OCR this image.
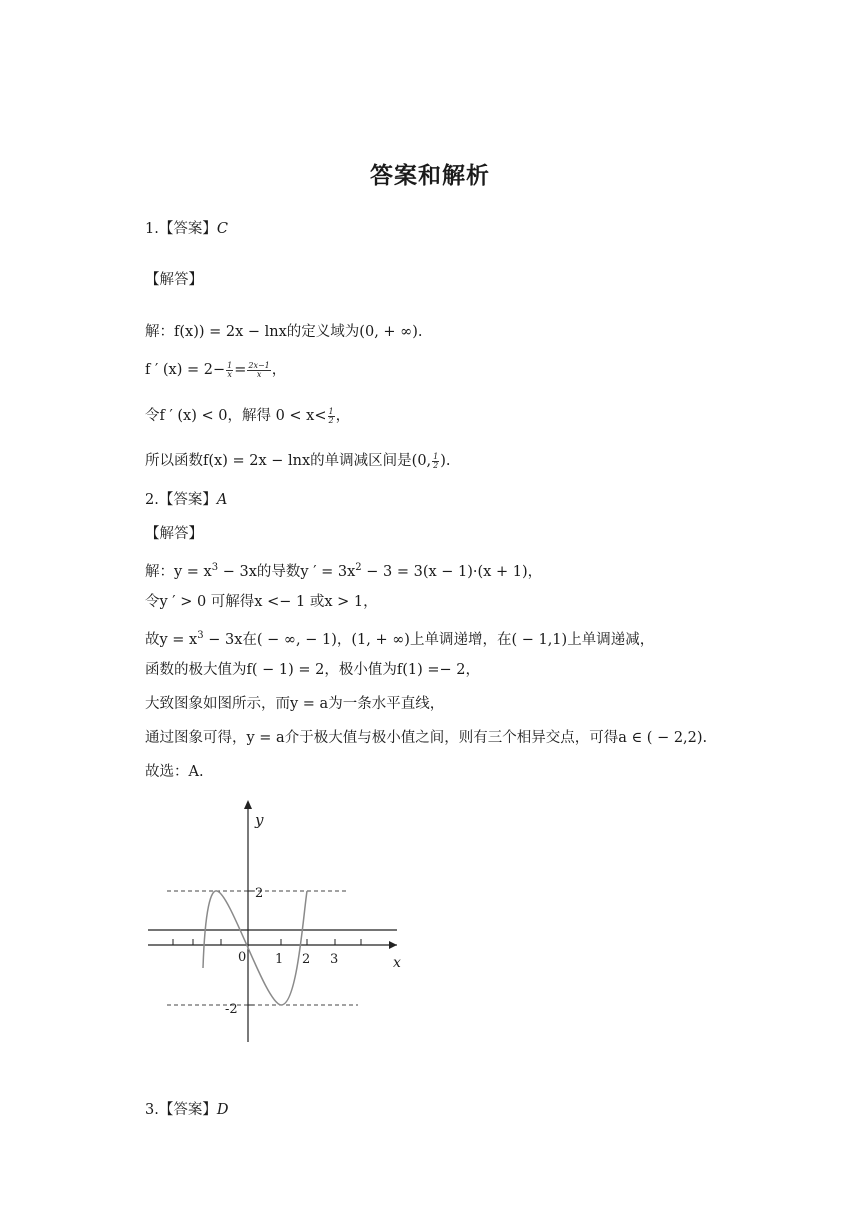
答案和解析
1.【答案】C
【解答】
解：f(x)) = 2x − lnx的定义域为(0, + ∞).
f ′ $(x) = 2- \frac{1}{x} = \frac{2x-1}{x}$ ，
令f ′ (x) < 0，解得 $0 < x< \frac{1}{2}$ ，
所以函数f(x) = 2x − lnx的单调减区间是(0, $\frac{1}{2}$ ).
2.【答案】A
【解答】
解：$y = x^3 - 3x$的导数y ′ = $3x^2 - 3 = 3(x - 1)\cdot(x + 1)$，
令y ′ > 0 可解得x <− 1 或x > 1，
故$y = x^3 - 3x$在( − ∞, − 1)，(1, + ∞)上单调递增，在( − 1,1)上单调递减，
函数的极大值为f( − 1) = 2，极小值为f(1) =− 2，
大致图象如图所示，而y = a为一条水平直线，
通过图象可得，y = a介于极大值与极小值之间，则有三个相异交点，可得a ∈ ( − 2,2).
故选：A.
y
x
2
-2
0 1 2 3
3.【答案】D
